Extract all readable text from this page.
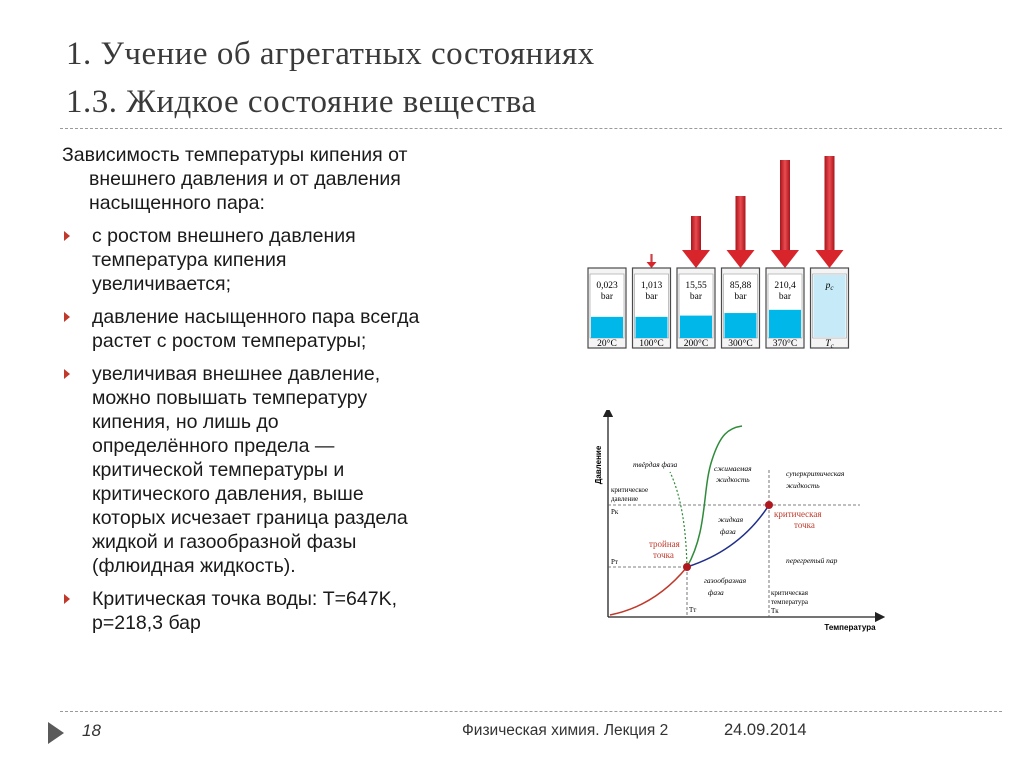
1. Учение об агрегатных состояниях
1.3. Жидкое состояние вещества
Зависимость температуры кипения от
внешнего давления и от давления
насыщенного пара:
с ростом внешнего давления
температура кипения
увеличивается;
давление насыщенного пара всегда
растет с ростом температуры;
увеличивая внешнее давление,
можно повышать температуру
кипения, но лишь до
определённого предела —
критической температуры и
критического давления, выше
которых исчезает граница раздела
жидкой и газообразной фазы
(флюидная жидкость).
Критическая точка воды: T=647K,
p=218,3 бар
0,023
bar
20°C
1,013
bar
100°C
15,55
bar
200°C
85,88
bar
300°C
210,4
bar
370°C
$p_c$
$T_c$
Давление
Температура
твёрдая фаза	сжимаемая
жидкость
суперкритическая
жидкость
жидкая
фаза
перегретый пар
газообразная
фаза
критическое
давление
Pк
Pт
Tт	Tк
критическая
температура
тройная
точка
критическая
точка
18	Физическая химия. Лекция 2	24.09.2014
